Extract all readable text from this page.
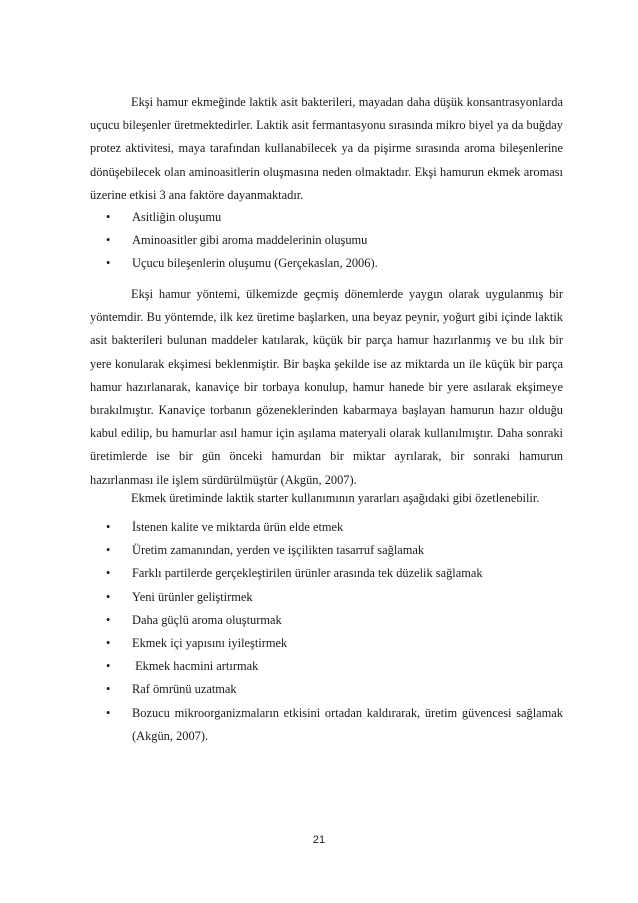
Ekşi hamur ekmeğinde laktik asit bakterileri, mayadan daha düşük konsantrasyonlarda uçucu bileşenler üretmektedirler. Laktik asit fermantasyonu sırasında mikro biyel ya da buğday protez aktivitesi, maya tarafından kullanabilecek ya da pişirme sırasında aroma bileşenlerine dönüşebilecek olan aminoasitlerin oluşmasına neden olmaktadır. Ekşi hamurun ekmek aroması üzerine etkisi 3 ana faktöre dayanmaktadır.

• Asitliğin oluşumu
• Aminoasitler gibi aroma maddelerinin oluşumu
• Uçucu bileşenlerin oluşumu (Gerçekaslan, 2006).

Ekşi hamur yöntemi, ülkemizde geçmiş dönemlerde yaygın olarak uygulanmış bir yöntemdir. Bu yöntemde, ilk kez üretime başlarken, una beyaz peynir, yoğurt gibi içinde laktik asit bakterileri bulunan maddeler katılarak, küçük bir parça hamur hazırlanmış ve bu ılık bir yere konularak ekşimesi beklenmiştir. Bir başka şekilde ise az miktarda un ile küçük bir parça hamur hazırlanarak, kanaviçe bir torbaya konulup, hamur hanede bir yere asılarak ekşimeye bırakılmıştır. Kanaviçe torbanın gözeneklerinden kabarmaya başlayan hamurun hazır olduğu kabul edilip, bu hamurlar asıl hamur için aşılama materyali olarak kullanılmıştır. Daha sonraki üretimlerde ise bir gün önceki hamurdan bir miktar ayrılarak, bir sonraki hamurun hazırlanması ile işlem sürdürülmüştür (Akgün, 2007).

Ekmek üretiminde laktik starter kullanımının yararları aşağıdaki gibi özetlenebilir.

• İstenen kalite ve miktarda ürün elde etmek
• Üretim zamanından, yerden ve işçilikten tasarruf sağlamak
• Farklı partilerde gerçekleştirilen ürünler arasında tek düzelik sağlamak
• Yeni ürünler geliştirmek
• Daha güçlü aroma oluşturmak
• Ekmek içi yapısını iyileştirmek
• Ekmek hacmini artırmak
• Raf ömrünü uzatmak
• Bozucu mikroorganizmaların etkisini ortadan kaldırarak, üretim güvencesi sağlamak (Akgün, 2007).
21
